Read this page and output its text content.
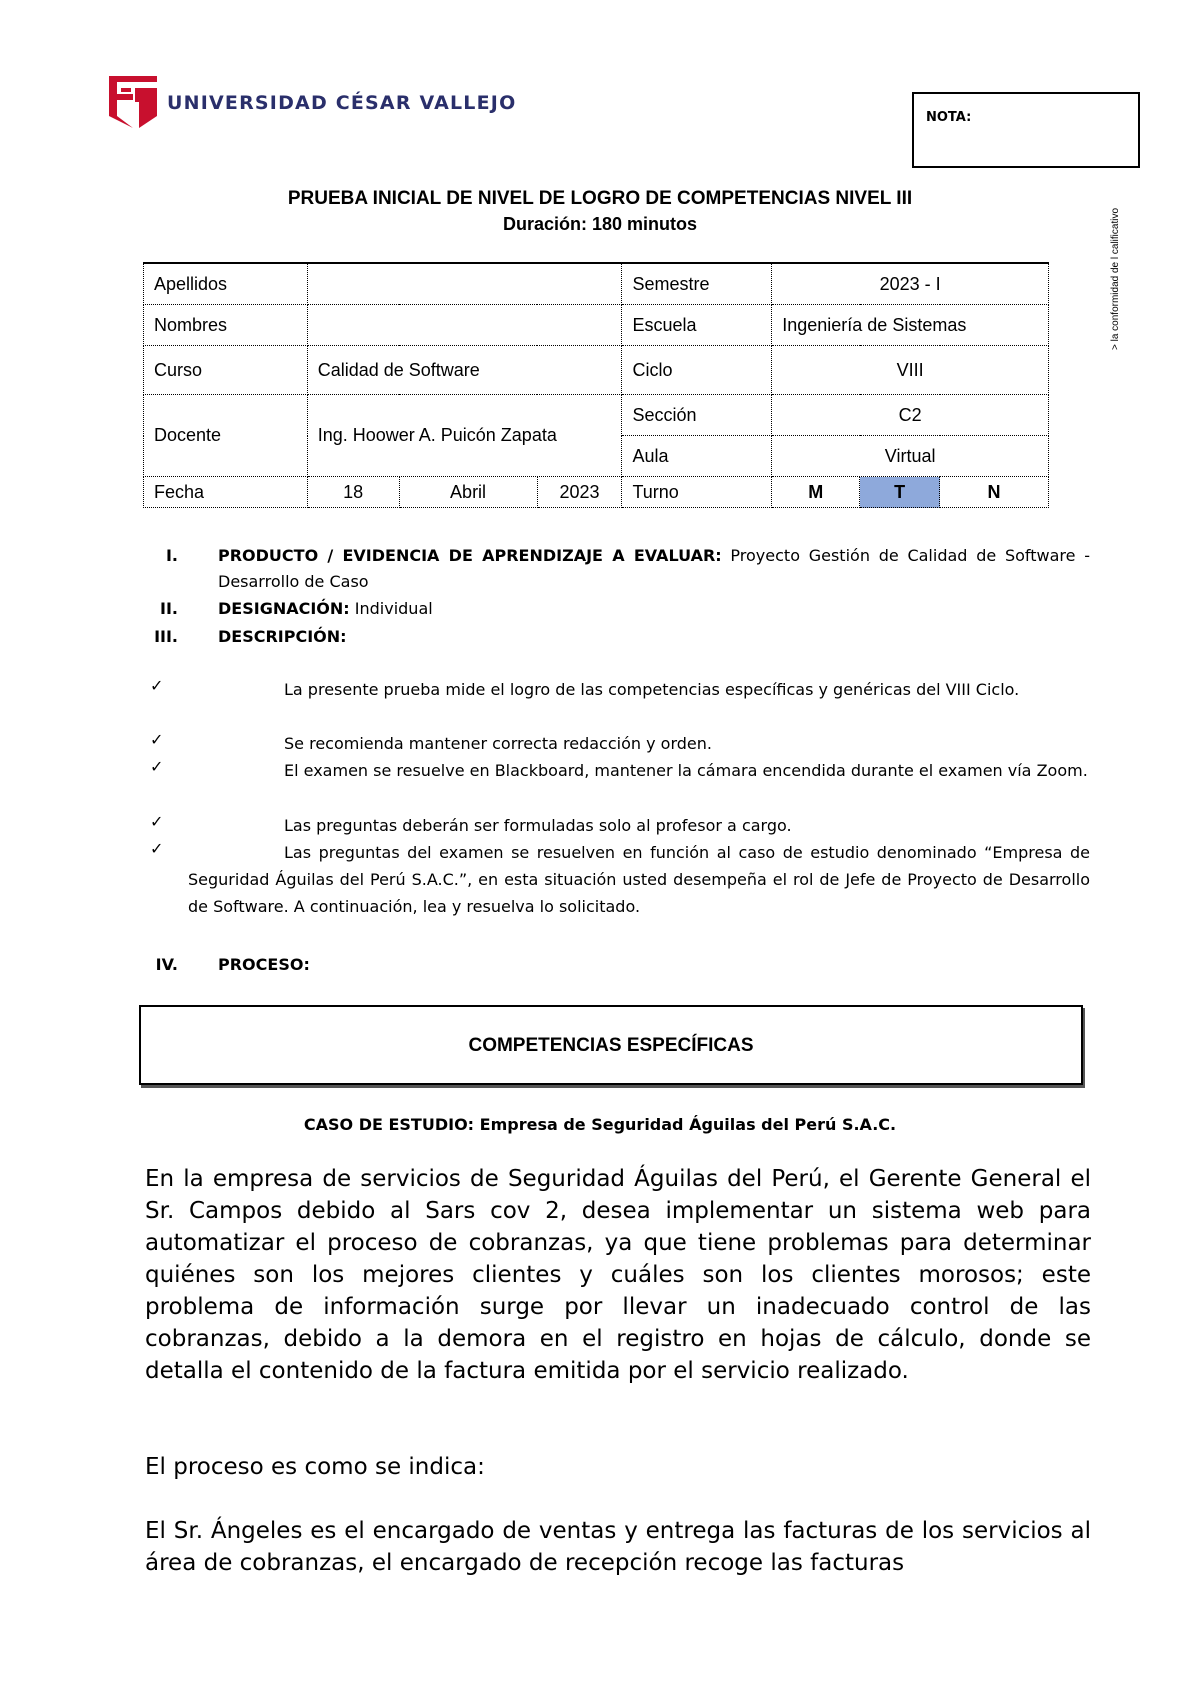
UNIVERSIDAD CÉSAR VALLEJO
NOTA:
> la conformidad de l calificativo
PRUEBA INICIAL DE NIVEL DE LOGRO DE COMPETENCIAS NIVEL III
Duración: 180 minutos
Apellidos				Semestre	2023 - I		
Nombres				Escuela	Ingeniería de Sistemas		
Curso	Calidad de Software			Ciclo	VIII		
Docente	Ing. Hoower A. Puicón Zapata			Sección	C2		
				Aula	Virtual		
Fecha	18	Abril	2023	Turno	M	T	N
I.	PRODUCTO / EVIDENCIA DE APRENDIZAJE A EVALUAR: Proyecto Gestión de Calidad de Software - Desarrollo de Caso
II.	DESIGNACIÓN: Individual
III.	DESCRIPCIÓN:
✓	La presente prueba mide el logro de las competencias específicas y genéricas del VIII Ciclo.
✓	Se recomienda mantener correcta redacción y orden.
✓	El examen se resuelve en Blackboard, mantener la cámara encendida durante el examen vía Zoom.
✓	Las preguntas deberán ser formuladas solo al profesor a cargo.
✓	Las preguntas del examen se resuelven en función al caso de estudio denominado “Empresa de Seguridad Águilas del Perú S.A.C.”, en esta situación usted desempeña el rol de Jefe de Proyecto de Desarrollo de Software. A continuación, lea y resuelva lo solicitado.
IV.	PROCESO:
COMPETENCIAS ESPECÍFICAS
CASO DE ESTUDIO: Empresa de Seguridad Águilas del Perú S.A.C.
En la empresa de servicios de Seguridad Águilas del Perú, el Gerente General el Sr. Campos debido al Sars cov 2, desea implementar un sistema web para automatizar el proceso de cobranzas, ya que tiene problemas para determinar quiénes son los mejores clientes y cuáles son los clientes morosos; este problema de información surge por llevar un inadecuado control de las cobranzas, debido a la demora en el registro en hojas de cálculo, donde se detalla el contenido de la factura emitida por el servicio realizado.
El proceso es como se indica:
El Sr. Ángeles es el encargado de ventas y entrega las facturas de los servicios al área de cobranzas, el encargado de recepción recoge las facturas
